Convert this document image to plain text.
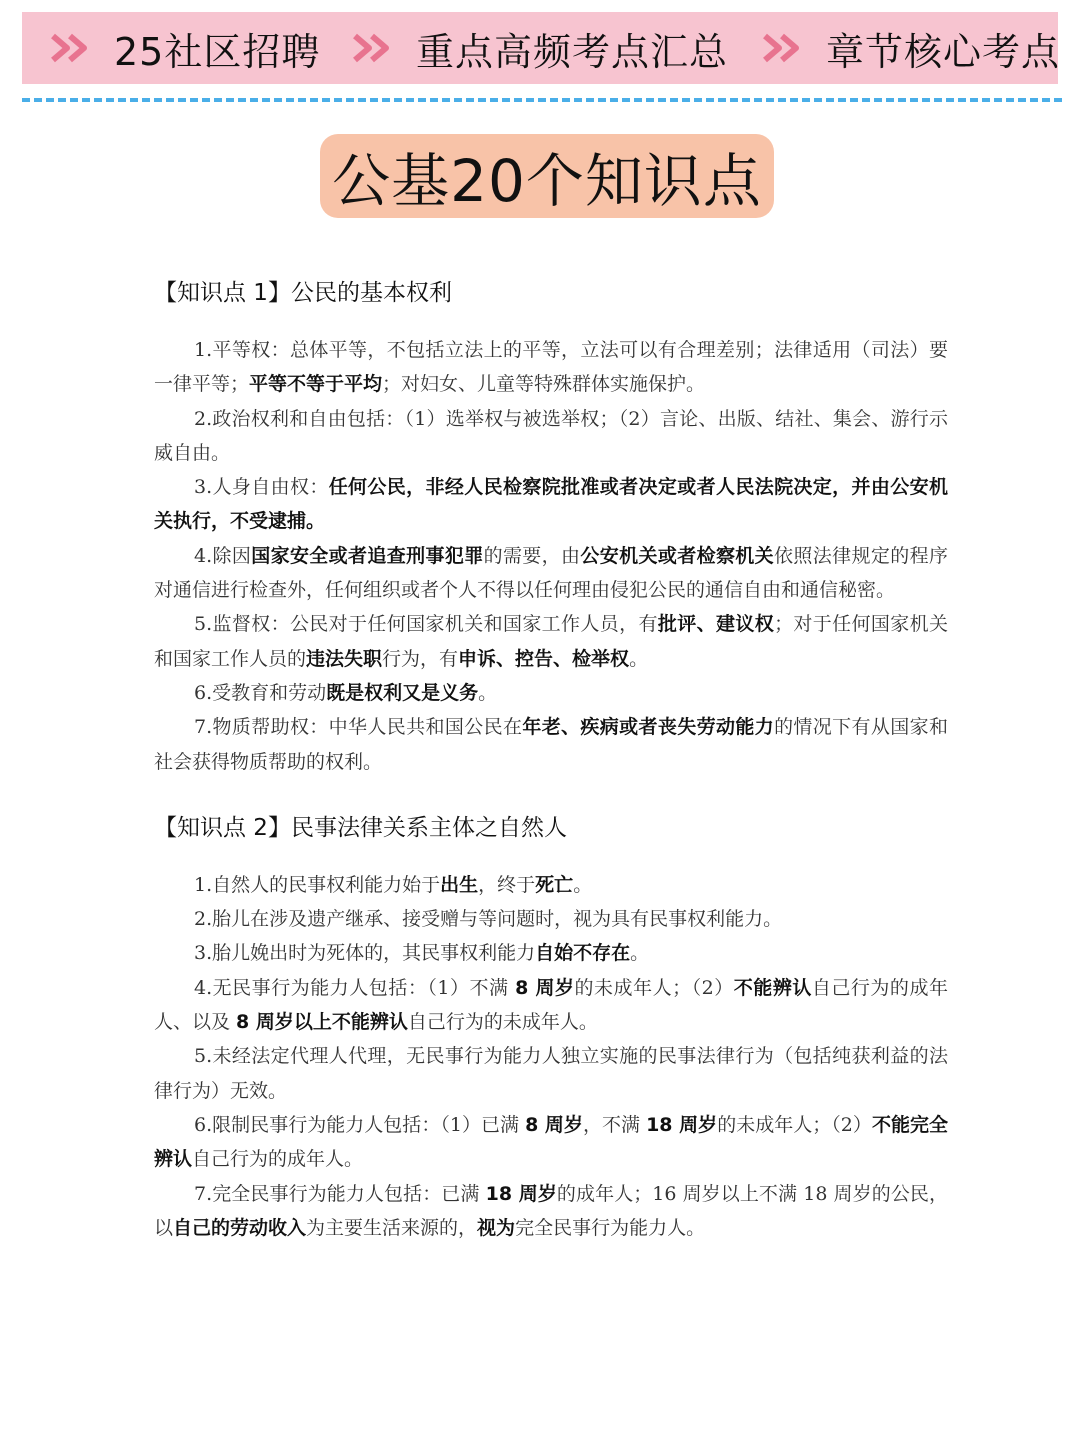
25社区招聘	重点高频考点汇总	章节核心考点
公基20个知识点
【知识点 1】公民的基本权利

1.平等权：总体平等，不包括立法上的平等，立法可以有合理差别；法律适用（司法）要一律平等；平等不等于平均；对妇女、儿童等特殊群体实施保护。

2.政治权利和自由包括：（1）选举权与被选举权；（2）言论、出版、结社、集会、游行示威自由。

3.人身自由权：任何公民，非经人民检察院批准或者决定或者人民法院决定，并由公安机关执行，不受逮捕。

4.除因国家安全或者追查刑事犯罪的需要，由公安机关或者检察机关依照法律规定的程序对通信进行检查外，任何组织或者个人不得以任何理由侵犯公民的通信自由和通信秘密。

5.监督权：公民对于任何国家机关和国家工作人员，有批评、建议权；对于任何国家机关和国家工作人员的违法失职行为，有申诉、控告、检举权。

6.受教育和劳动既是权利又是义务。

7.物质帮助权：中华人民共和国公民在年老、疾病或者丧失劳动能力的情况下有从国家和社会获得物质帮助的权利。

【知识点 2】民事法律关系主体之自然人

1.自然人的民事权利能力始于出生，终于死亡。

2.胎儿在涉及遗产继承、接受赠与等问题时，视为具有民事权利能力。

3.胎儿娩出时为死体的，其民事权利能力自始不存在。

4.无民事行为能力人包括：（1）不满 8 周岁的未成年人；（2）不能辨认自己行为的成年人、以及 8 周岁以上不能辨认自己行为的未成年人。

5.未经法定代理人代理，无民事行为能力人独立实施的民事法律行为（包括纯获利益的法律行为）无效。

6.限制民事行为能力人包括：（1）已满 8 周岁，不满 18 周岁的未成年人；（2）不能完全辨认自己行为的成年人。

7.完全民事行为能力人包括：已满 18 周岁的成年人；16 周岁以上不满 18 周岁的公民，以自己的劳动收入为主要生活来源的，视为完全民事行为能力人。
